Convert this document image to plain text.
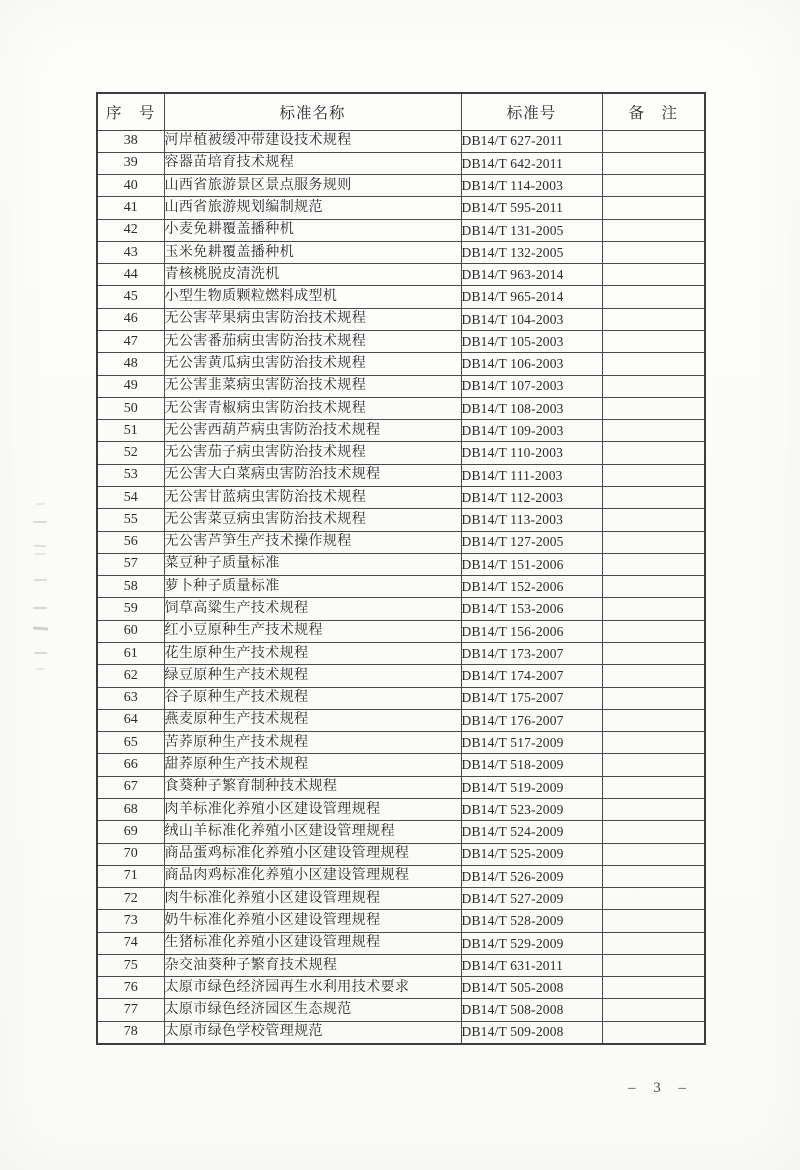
序　号	标准名称	标准号	备　注
38	河岸植被缓冲带建设技术规程	DB14/T 627-2011	
39	容器苗培育技术规程	DB14/T 642-2011	
40	山西省旅游景区景点服务规则	DB14/T 114-2003	
41	山西省旅游规划编制规范	DB14/T 595-2011	
42	小麦免耕覆盖播种机	DB14/T 131-2005	
43	玉米免耕覆盖播种机	DB14/T 132-2005	
44	青核桃脱皮清洗机	DB14/T 963-2014	
45	小型生物质颗粒燃料成型机	DB14/T 965-2014	
46	无公害苹果病虫害防治技术规程	DB14/T 104-2003	
47	无公害番茄病虫害防治技术规程	DB14/T 105-2003	
48	无公害黄瓜病虫害防治技术规程	DB14/T 106-2003	
49	无公害韭菜病虫害防治技术规程	DB14/T 107-2003	
50	无公害青椒病虫害防治技术规程	DB14/T 108-2003	
51	无公害西葫芦病虫害防治技术规程	DB14/T 109-2003	
52	无公害茄子病虫害防治技术规程	DB14/T 110-2003	
53	无公害大白菜病虫害防治技术规程	DB14/T 111-2003	
54	无公害甘蓝病虫害防治技术规程	DB14/T 112-2003	
55	无公害菜豆病虫害防治技术规程	DB14/T 113-2003	
56	无公害芦笋生产技术操作规程	DB14/T 127-2005	
57	菜豆种子质量标准	DB14/T 151-2006	
58	萝卜种子质量标准	DB14/T 152-2006	
59	饲草高粱生产技术规程	DB14/T 153-2006	
60	红小豆原种生产技术规程	DB14/T 156-2006	
61	花生原种生产技术规程	DB14/T 173-2007	
62	绿豆原种生产技术规程	DB14/T 174-2007	
63	谷子原种生产技术规程	DB14/T 175-2007	
64	燕麦原种生产技术规程	DB14/T 176-2007	
65	苦荞原种生产技术规程	DB14/T 517-2009	
66	甜荞原种生产技术规程	DB14/T 518-2009	
67	食葵种子繁育制种技术规程	DB14/T 519-2009	
68	肉羊标准化养殖小区建设管理规程	DB14/T 523-2009	
69	绒山羊标准化养殖小区建设管理规程	DB14/T 524-2009	
70	商品蛋鸡标准化养殖小区建设管理规程	DB14/T 525-2009	
71	商品肉鸡标准化养殖小区建设管理规程	DB14/T 526-2009	
72	肉牛标准化养殖小区建设管理规程	DB14/T 527-2009	
73	奶牛标准化养殖小区建设管理规程	DB14/T 528-2009	
74	生猪标准化养殖小区建设管理规程	DB14/T 529-2009	
75	杂交油葵种子繁育技术规程	DB14/T 631-2011	
76	太原市绿色经济园再生水利用技术要求	DB14/T 505-2008	
77	太原市绿色经济园区生态规范	DB14/T 508-2008	
78	太原市绿色学校管理规范	DB14/T 509-2008	
– 3 –
